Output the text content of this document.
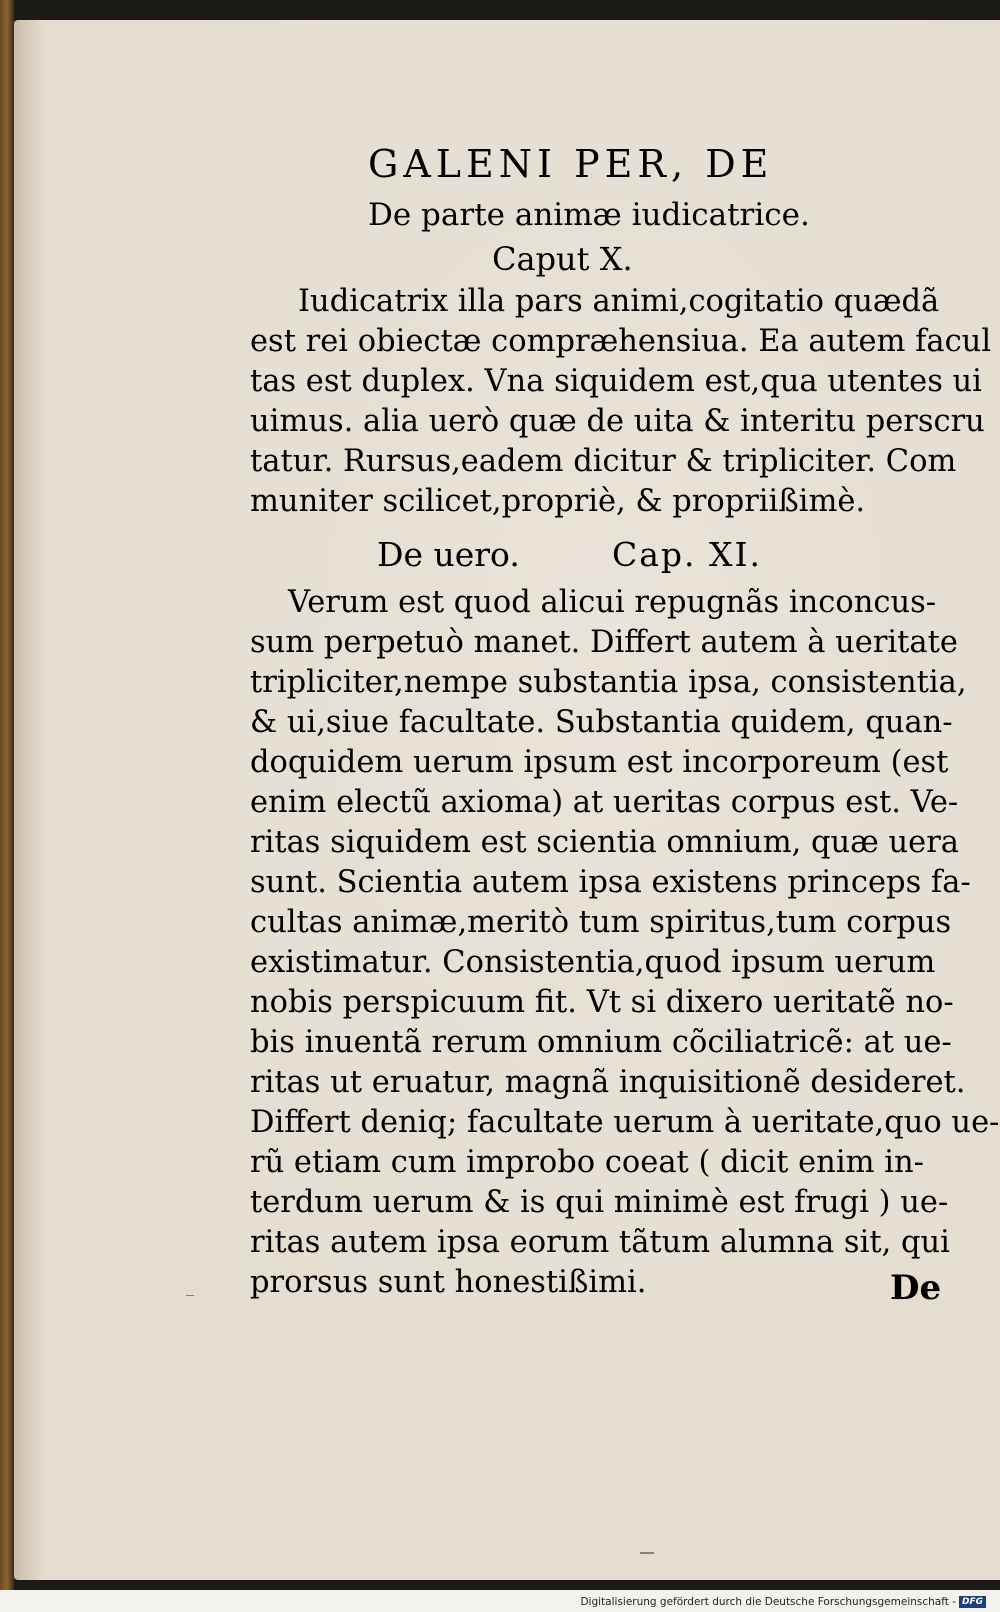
GALENI PER, DE
De parte animæ iudicatrice.
Caput X.
Iudicatrix illa pars animi,cogitatio quædã
est rei obiectæ compræhensiua. Ea autem facul
tas est duplex. Vna siquidem est,qua utentes ui
uimus. alia uerò quæ de uita & interitu perscru
tatur. Rursus,eadem dicitur & tripliciter. Com
muniter scilicet,propriè, & propriißimè.
De uero.	Cap. XI.
Verum est quod alicui repugnãs inconcus-
sum perpetuò manet. Differt autem à ueritate
tripliciter,nempe substantia ipsa, consistentia,
& ui,siue facultate. Substantia quidem, quan-
doquidem uerum ipsum est incorporeum (est
enim electũ axioma) at ueritas corpus est. Ve-
ritas siquidem est scientia omnium, quæ uera
sunt. Scientia autem ipsa existens princeps fa-
cultas animæ,meritò tum spiritus,tum corpus
existimatur. Consistentia,quod ipsum uerum
nobis perspicuum fit. Vt si dixero ueritatẽ no-
bis inuentã rerum omnium cõciliatricẽ: at ue-
ritas ut eruatur, magnã inquisitionẽ desideret.
Differt deniq; facultate uerum à ueritate,quo ue-
rũ etiam cum improbo coeat ( dicit enim in-
terdum uerum & is qui minimè est frugi ) ue-
ritas autem ipsa eorum tãtum alumna sit, qui
prorsus sunt honestißimi.	De
Digitalisierung gefördert durch die Deutsche Forschungsgemeinschaft - DFG
